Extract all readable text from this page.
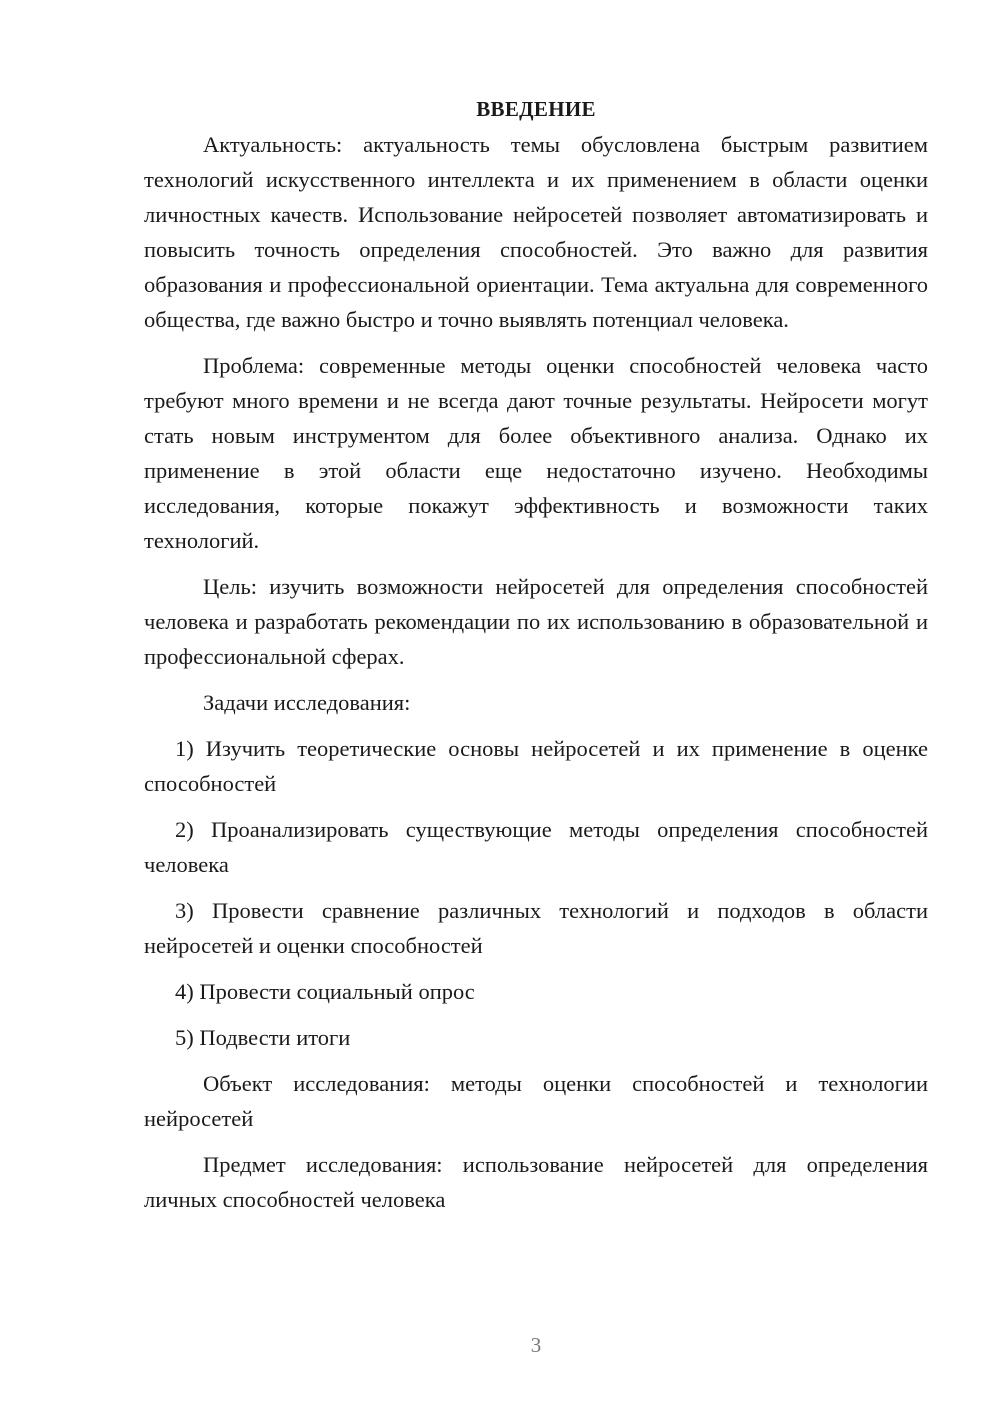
ВВЕДЕНИЕ

Актуальность: актуальность темы обусловлена быстрым развитием технологий искусственного интеллекта и их применением в области оценки личностных качеств. Использование нейросетей позволяет автоматизировать и повысить точность определения способностей. Это важно для развития образования и профессиональной ориентации. Тема актуальна для современного общества, где важно быстро и точно выявлять потенциал человека.

Проблема: современные методы оценки способностей человека часто требуют много времени и не всегда дают точные результаты. Нейросети могут стать новым инструментом для более объективного анализа. Однако их применение в этой области еще недостаточно изучено. Необходимы исследования, которые покажут эффективность и возможности таких технологий.

Цель: изучить возможности нейросетей для определения способностей человека и разработать рекомендации по их использованию в образовательной и профессиональной сферах.

Задачи исследования:

1) Изучить теоретические основы нейросетей и их применение в оценке способностей

2) Проанализировать существующие методы определения способностей человека

3) Провести сравнение различных технологий и подходов в области нейросетей и оценки способностей

4) Провести социальный опрос

5) Подвести итоги

Объект исследования: методы оценки способностей и технологии нейросетей

Предмет исследования: использование нейросетей для определения личных способностей человека

3
